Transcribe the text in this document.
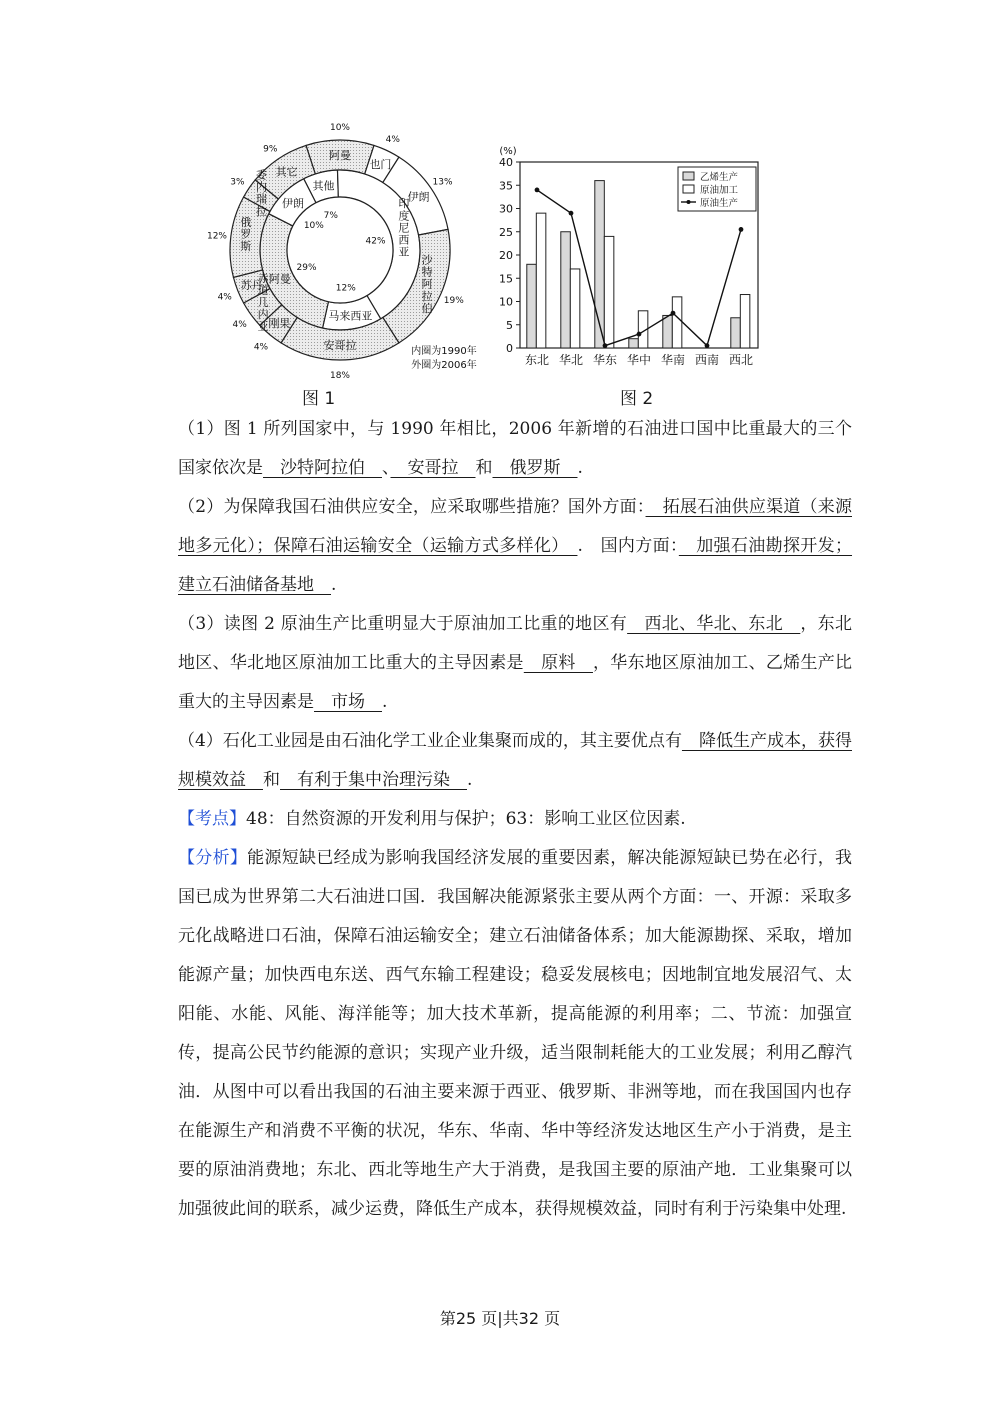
其他
印度尼西亚
马来西亚
阿曼
伊朗
阿曼
也门
伊朗
沙特阿拉伯
安哥拉
刚果
赤道几内亚
苏丹
俄罗斯
委内瑞拉
其它
7%
42%
12%
29%
10%
10%
4%
13%
19%
18%
4%
4%
4%
12%
3%
9%
内圈为1990年
外圈为2006年
图 1
(%)
0
5
10
15
20
25
30
35
40
东北 华北 华东 华中 华南 西南 西北
乙烯生产
原油加工
原油生产
图 2

（1）图 1 所列国家中，与 1990 年相比，2006 年新增的石油进口国中比重最大的三个国家依次是　沙特阿拉伯　、　安哥拉　和　俄罗斯　.

（2）为保障我国石油供应安全，应采取哪些措施？国外方面：　拓展石油供应渠道（来源地多元化）；保障石油运输安全（运输方式多样化）　.　国内方面：　加强石油勘探开发；建立石油储备基地　.

（3）读图 2 原油生产比重明显大于原油加工比重的地区有　西北、华北、东北　，东北地区、华北地区原油加工比重大的主导因素是　原料　，华东地区原油加工、乙烯生产比重大的主导因素是　市场　.

（4）石化工业园是由石油化学工业企业集聚而成的，其主要优点有　降低生产成本，获得规模效益　和　有利于集中治理污染　.

【考点】48：自然资源的开发利用与保护；63：影响工业区位因素.

【分析】能源短缺已经成为影响我国经济发展的重要因素，解决能源短缺已势在必行，我国已成为世界第二大石油进口国．我国解决能源紧张主要从两个方面：一、开源：采取多元化战略进口石油，保障石油运输安全；建立石油储备体系；加大能源勘探、采取，增加能源产量；加快西电东送、西气东输工程建设；稳妥发展核电；因地制宜地发展沼气、太阳能、水能、风能、海洋能等；加大技术革新，提高能源的利用率；二、节流：加强宣传，提高公民节约能源的意识；实现产业升级，适当限制耗能大的工业发展；利用乙醇汽油．从图中可以看出我国的石油主要来源于西亚、俄罗斯、非洲等地，而在我国国内也存在能源生产和消费不平衡的状况，华东、华南、华中等经济发达地区生产小于消费，是主要的原油消费地；东北、西北等地生产大于消费，是我国主要的原油产地．工业集聚可以加强彼此间的联系，减少运费，降低生产成本，获得规模效益，同时有利于污染集中处理.

第25 页|共32 页
